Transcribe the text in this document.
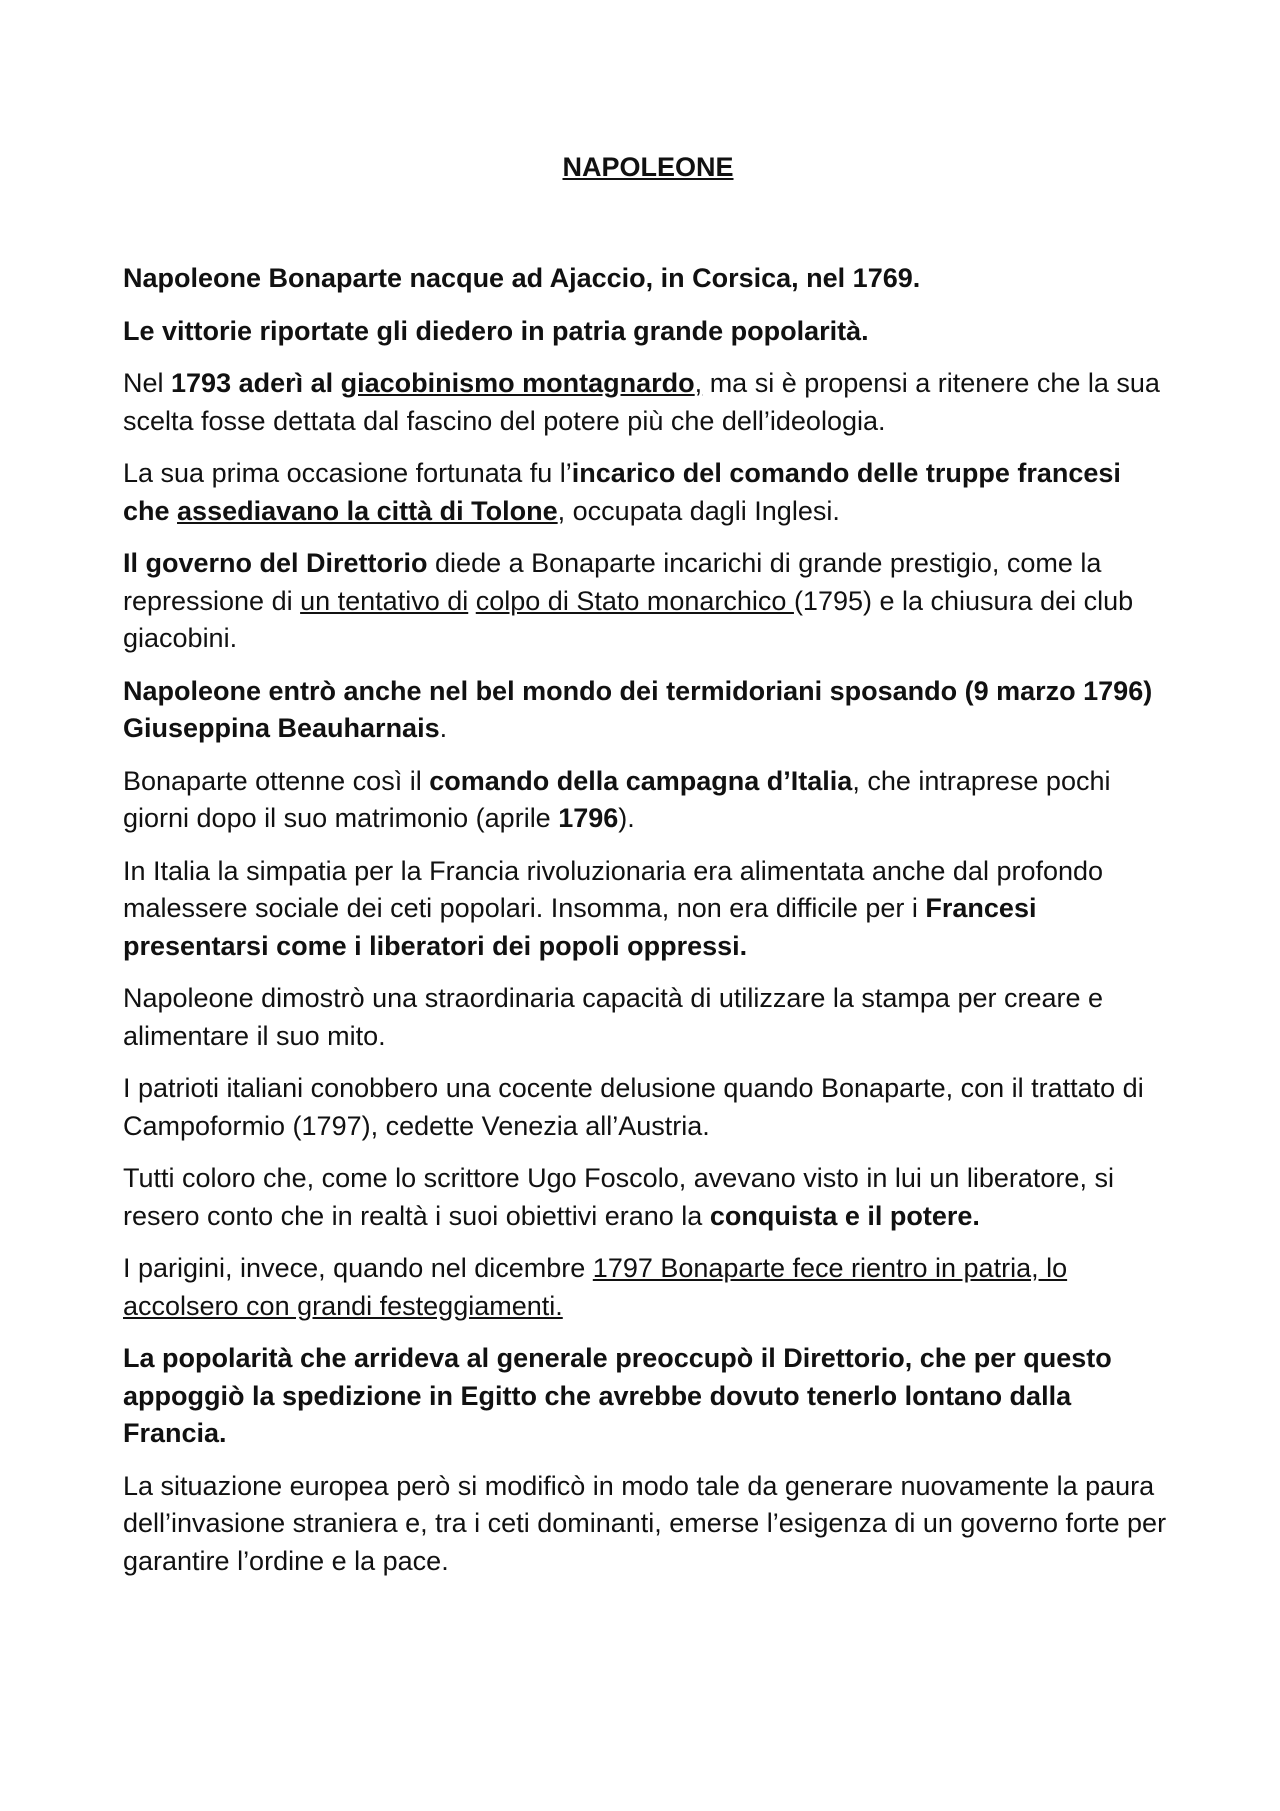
NAPOLEONE

Napoleone Bonaparte nacque ad Ajaccio, in Corsica, nel 1769.

Le vittorie riportate gli diedero in patria grande popolarità.

Nel 1793 aderì al giacobinismo montagnardo, ma si è propensi a ritenere che la sua scelta fosse dettata dal fascino del potere più che dell’ideologia.

La sua prima occasione fortunata fu l’incarico del comando delle truppe francesi che assediavano la città di Tolone, occupata dagli Inglesi.

Il governo del Direttorio diede a Bonaparte incarichi di grande prestigio, come la repressione di un tentativo di colpo di Stato monarchico (1795) e la chiusura dei club giacobini.

Napoleone entrò anche nel bel mondo dei termidoriani sposando (9 marzo 1796) Giuseppina Beauharnais.

Bonaparte ottenne così il comando della campagna d’Italia, che intraprese pochi giorni dopo il suo matrimonio (aprile 1796).

In Italia la simpatia per la Francia rivoluzionaria era alimentata anche dal profondo malessere sociale dei ceti popolari. Insomma, non era difficile per i Francesi presentarsi come i liberatori dei popoli oppressi.

Napoleone dimostrò una straordinaria capacità di utilizzare la stampa per creare e alimentare il suo mito.

I patrioti italiani conobbero una cocente delusione quando Bonaparte, con il trattato di Campoformio (1797), cedette Venezia all’Austria.

Tutti coloro che, come lo scrittore Ugo Foscolo, avevano visto in lui un liberatore, si resero conto che in realtà i suoi obiettivi erano la conquista e il potere.

I parigini, invece, quando nel dicembre 1797 Bonaparte fece rientro in patria, lo accolsero con grandi festeggiamenti.

La popolarità che arrideva al generale preoccupò il Direttorio, che per questo appoggiò la spedizione in Egitto che avrebbe dovuto tenerlo lontano dalla Francia.

La situazione europea però si modificò in modo tale da generare nuovamente la paura dell’invasione straniera e, tra i ceti dominanti, emerse l’esigenza di un governo forte per garantire l’ordine e la pace.
